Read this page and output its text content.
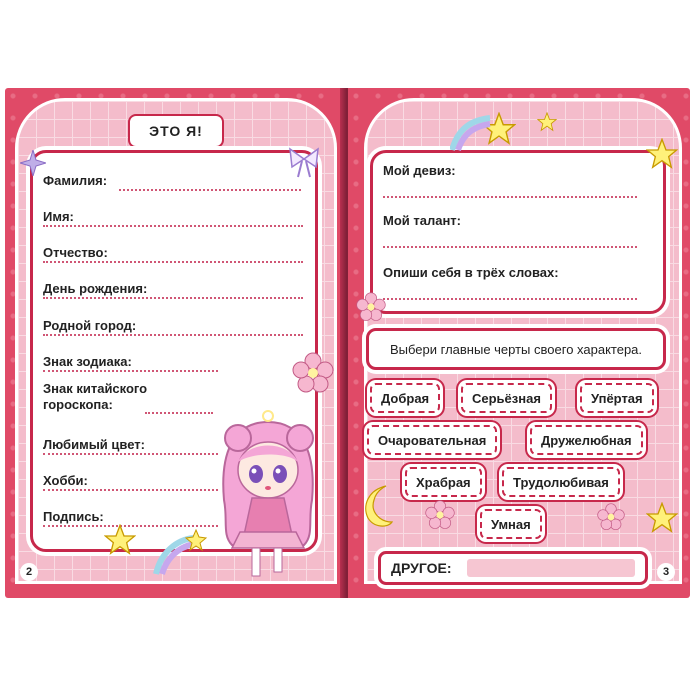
ЭТО Я!
Фамилия:
Имя:
Отчество:
День рождения:
Родной город:
Знак зодиака:
Знак китайского гороскопа:
Любимый цвет:
Хобби:
Подпись:
Мой девиз:
Мой талант:
Опиши себя в трёх словах:
Выбери главные черты своего характера.
Добрая	Серьёзная	Упёртая
Очаровательная	Дружелюбная
Храбрая	Трудолюбивая
Умная
ДРУГОЕ:
2	3
